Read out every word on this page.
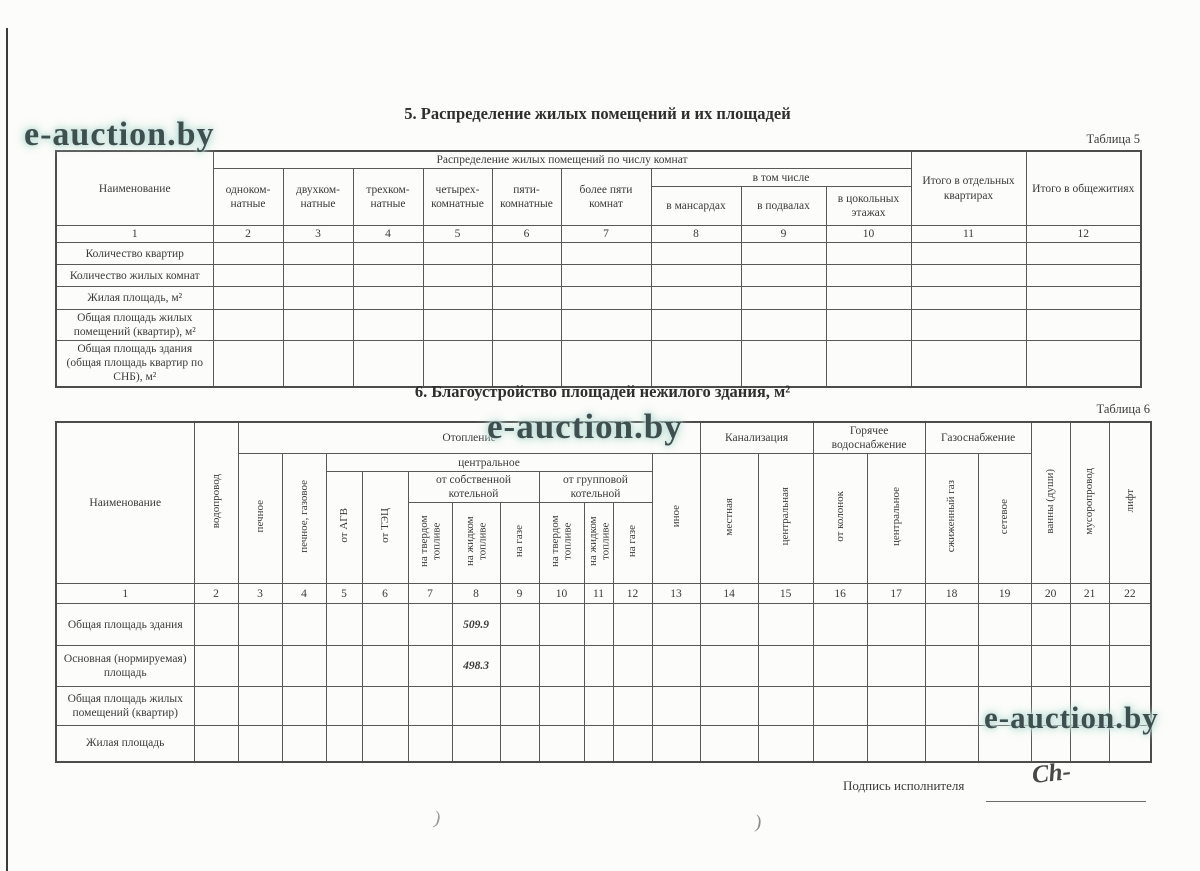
e-auction.by
e-auction.by
e-auction.by
5. Распределение жилых помещений и их площадей
Таблица 5
Наименование	Распределение жилых помещений по числу комнат									Итого в отдельных квартирах	Итого в общежитиях
	одноком-натные	двухком-натные	трехком-натные	четырех-комнатные	пяти-комнатные	более пяти комнат	в том числе				
							в мансардах	в подвалах	в цокольных этажах		
1	2	3	4	5	6	7	8	9	10	11	12
Количество квартир											
Количество жилых комнат											
Жилая площадь, м²											
Общая площадь жилых помещений (квартир), м²											
Общая площадь здания (общая площадь квартир по СНБ), м²											
6. Благоустройство площадей нежилого здания, м²
Таблица 6
Наименование	водопровод	Отопление											Канализация		Горячее водоснабжение		Газоснабжение		ванны (души)	мусоропровод	лифт
		печное	печное, газовое	центральное								иное	местная	центральная	от колонок	центральное	сжиженный газ	сетевое			
				от АГВ	от ТЭЦ	от собственной котельной			от групповой котельной												
						на твердом топливе	на жидком топливе	на газе	на твердом топливе	на жидком топливе	на газе										
1	2	3	4	5	6	7	8	9	10	11	12	13	14	15	16	17	18	19	20	21	22
Общая площадь здания							509.9														
Основная (нормируемая) площадь							498.3														
Общая площадь жилых помещений (квартир)																					
Жилая площадь																					
Подпись исполнителя	Сh-
)	)
